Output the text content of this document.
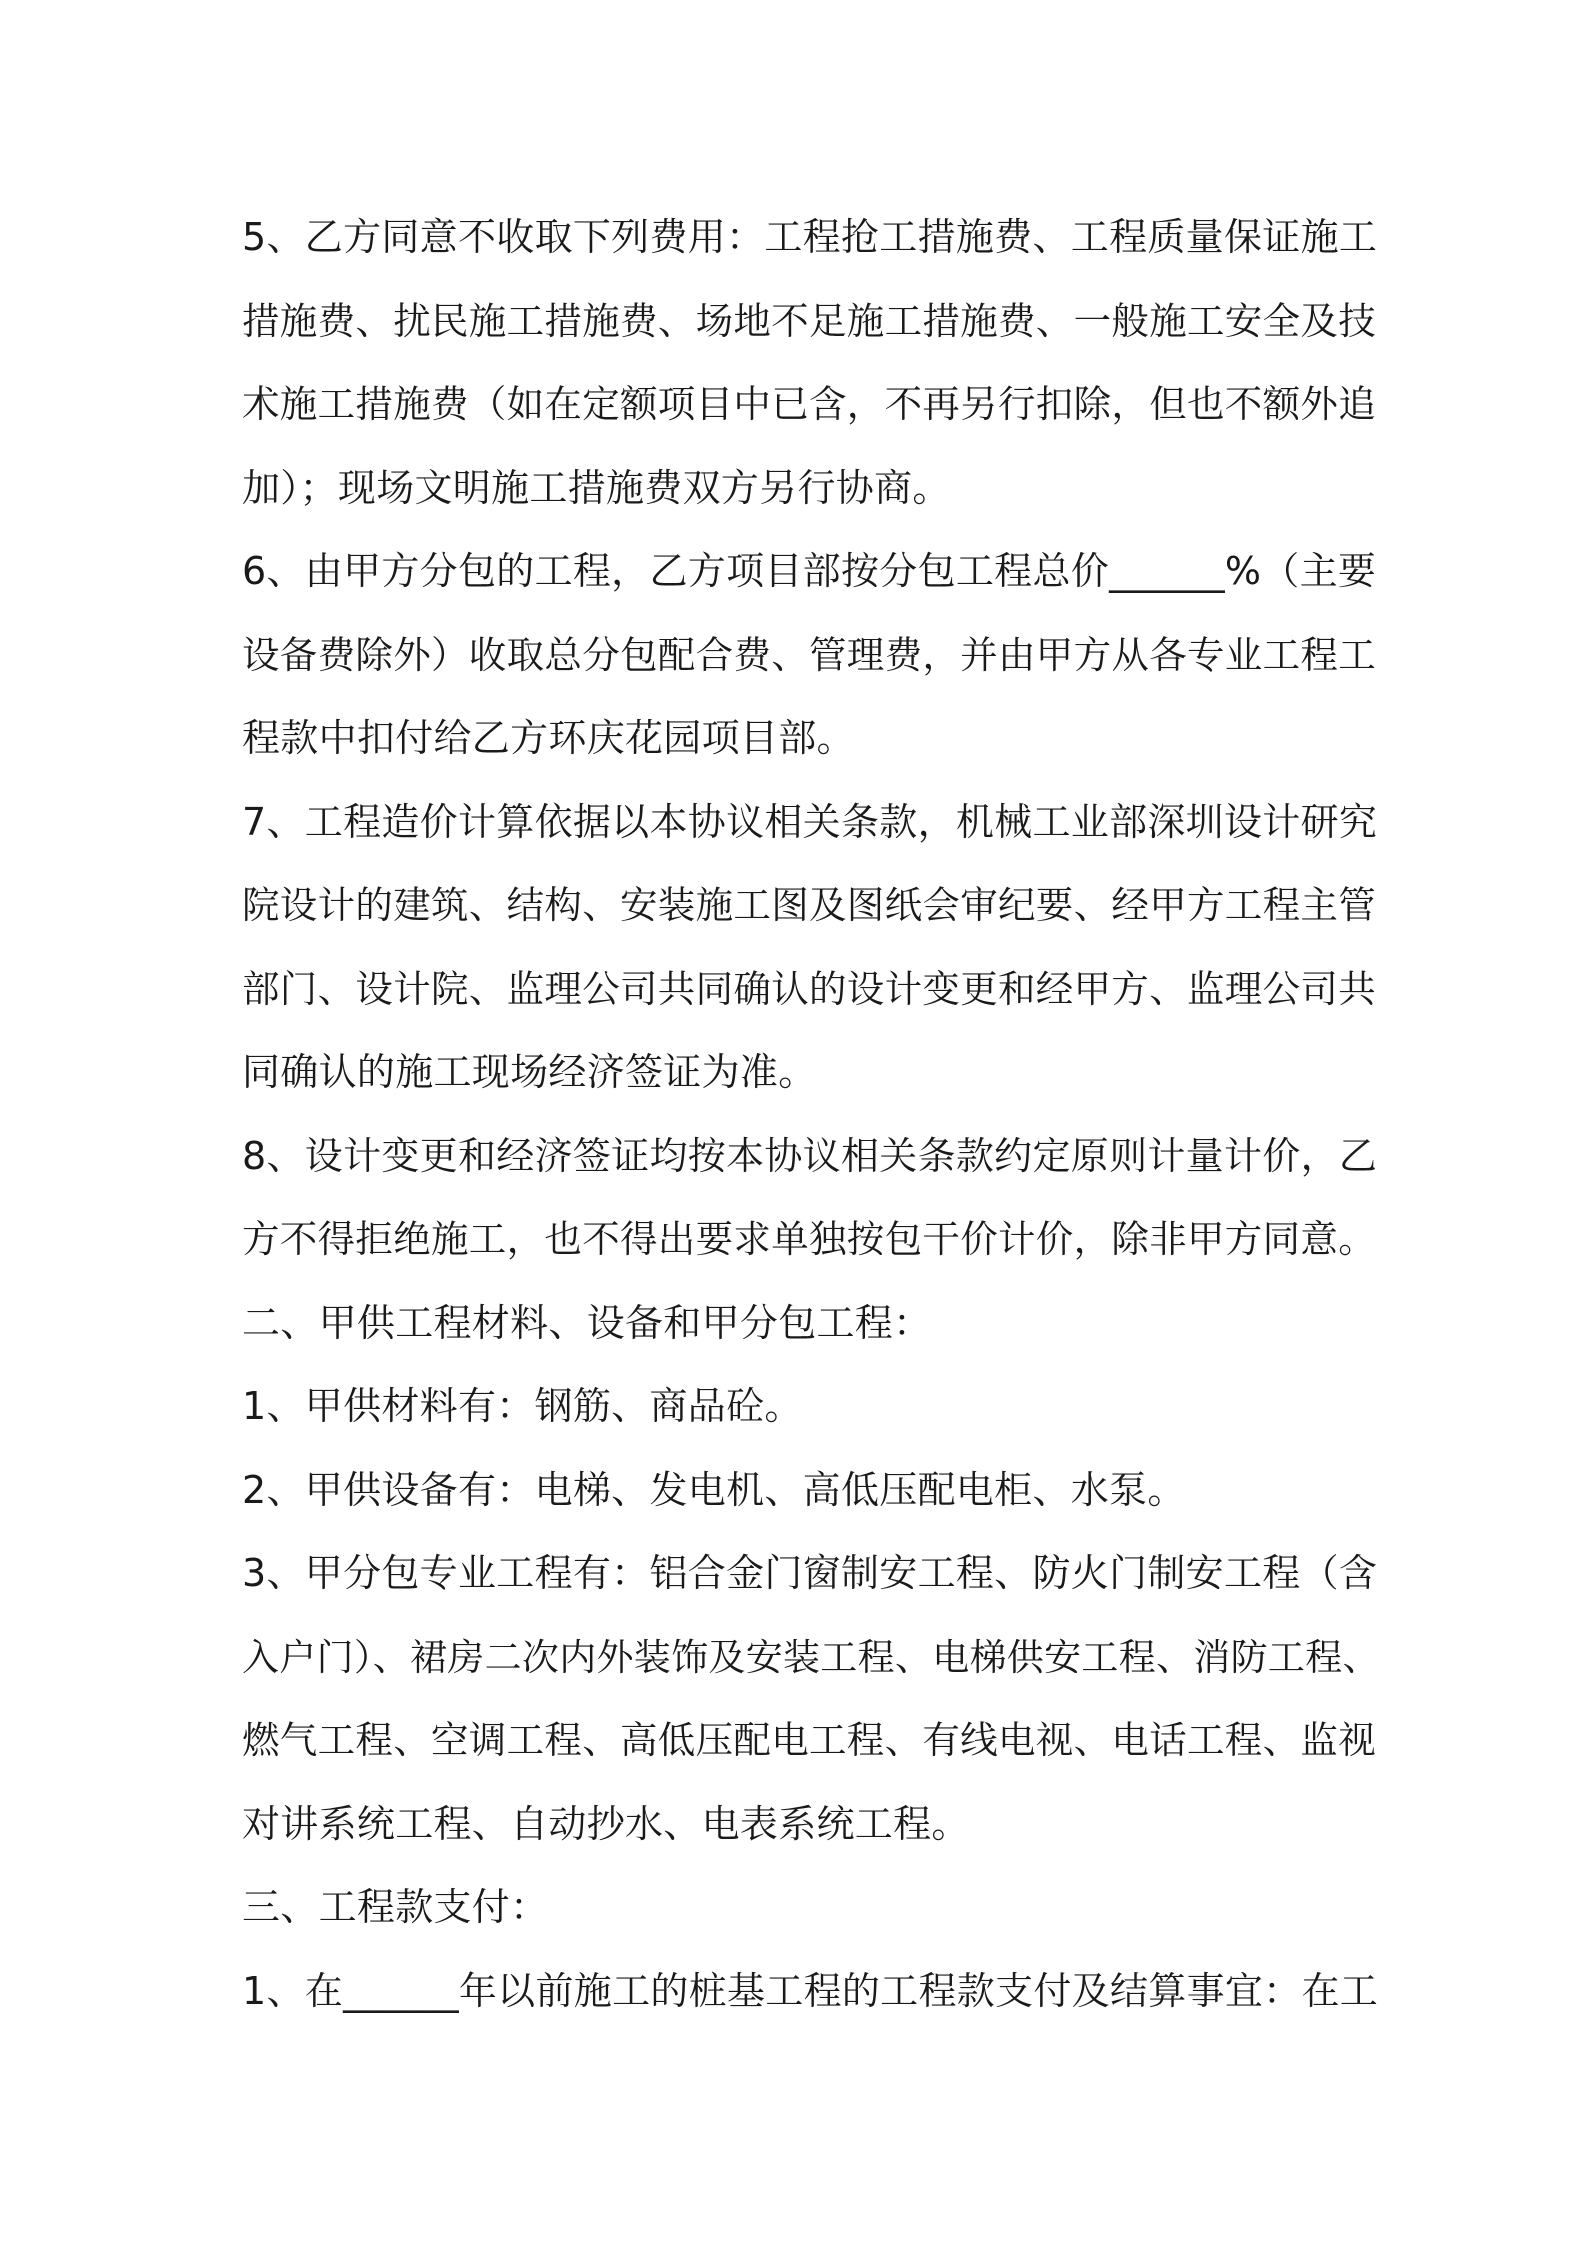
5、乙方同意不收取下列费用：工程抢工措施费、工程质量保证施工
措施费、扰民施工措施费、场地不足施工措施费、一般施工安全及技
术施工措施费（如在定额项目中已含，不再另行扣除，但也不额外追
加）；现场文明施工措施费双方另行协商。
6、由甲方分包的工程，乙方项目部按分包工程总价______%（主要
设备费除外）收取总分包配合费、管理费，并由甲方从各专业工程工
程款中扣付给乙方环庆花园项目部。
7、工程造价计算依据以本协议相关条款，机械工业部深圳设计研究
院设计的建筑、结构、安装施工图及图纸会审纪要、经甲方工程主管
部门、设计院、监理公司共同确认的设计变更和经甲方、监理公司共
同确认的施工现场经济签证为准。
8、设计变更和经济签证均按本协议相关条款约定原则计量计价，乙
方不得拒绝施工，也不得出要求单独按包干价计价，除非甲方同意。
二、甲供工程材料、设备和甲分包工程：
1、甲供材料有：钢筋、商品砼。
2、甲供设备有：电梯、发电机、高低压配电柜、水泵。
3、甲分包专业工程有：铝合金门窗制安工程、防火门制安工程（含
入户门）、裙房二次内外装饰及安装工程、电梯供安工程、消防工程、
燃气工程、空调工程、高低压配电工程、有线电视、电话工程、监视
对讲系统工程、自动抄水、电表系统工程。
三、工程款支付：
1、在______年以前施工的桩基工程的工程款支付及结算事宜：在工
